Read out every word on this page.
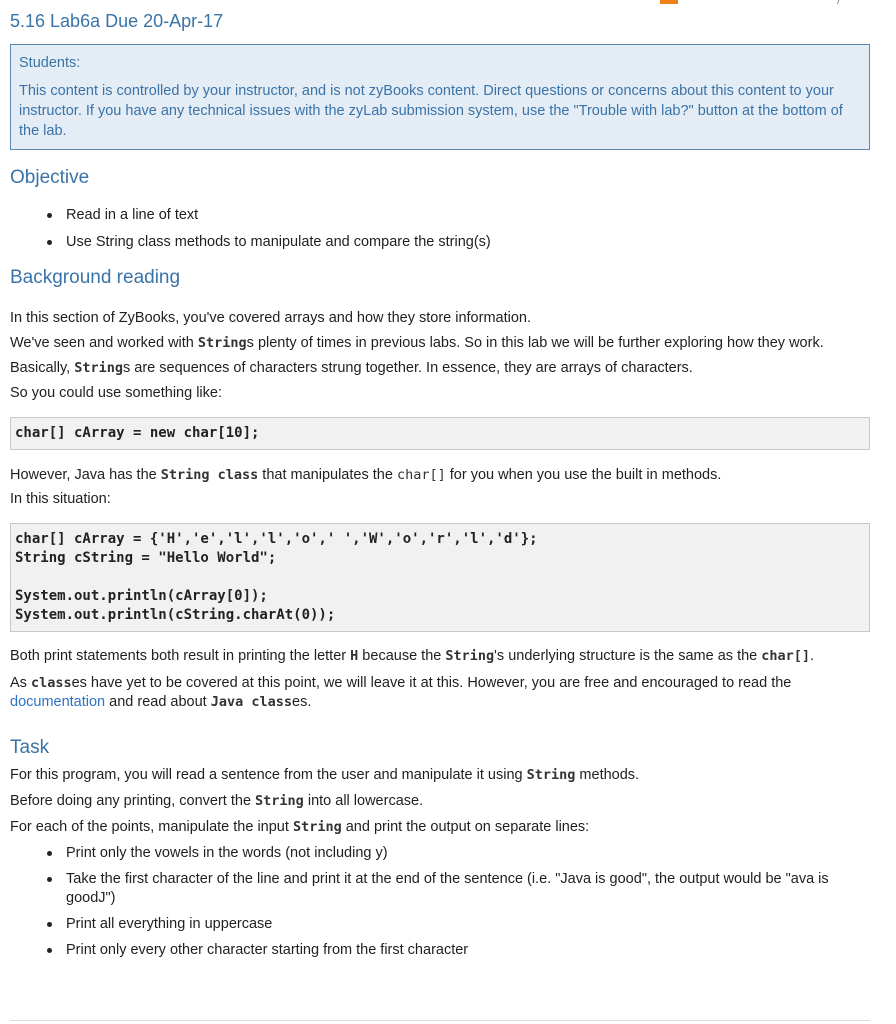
5.16 Lab6a Due 20-Apr-17

Students:

This content is controlled by your instructor, and is not zyBooks content. Direct questions or concerns about this content to your instructor. If you have any technical issues with the zyLab submission system, use the "Trouble with lab?" button at the bottom of the lab.

Objective
Read in a line of text
Use String class methods to manipulate and compare the string(s)
Background reading

In this section of ZyBooks, you've covered arrays and how they store information.

We've seen and worked with Strings plenty of times in previous labs. So in this lab we will be further exploring how they work.

Basically, Strings are sequences of characters strung together. In essence, they are arrays of characters.

So you could use something like:

char[] cArray = new char[10];

However, Java has the String class that manipulates the char[] for you when you use the built in methods.

In this situation:

char[] cArray = {'H','e','l','l','o',' ','W','o','r','l','d'};
String cString = "Hello World";

System.out.println(cArray[0]);
System.out.println(cString.charAt(0));

Both print statements both result in printing the letter H because the String's underlying structure is the same as the char[].

As classes have yet to be covered at this point, we will leave it at this. However, you are free and encouraged to read the documentation and read about Java classes.

Task

For this program, you will read a sentence from the user and manipulate it using String methods.

Before doing any printing, convert the String into all lowercase.

For each of the points, manipulate the input String and print the output on separate lines:

Print only the vowels in the words (not including y)
Take the first character of the line and print it at the end of the sentence (i.e. "Java is good", the output would be "ava is goodJ")
Print all everything in uppercase
Print only every other character starting from the first character
